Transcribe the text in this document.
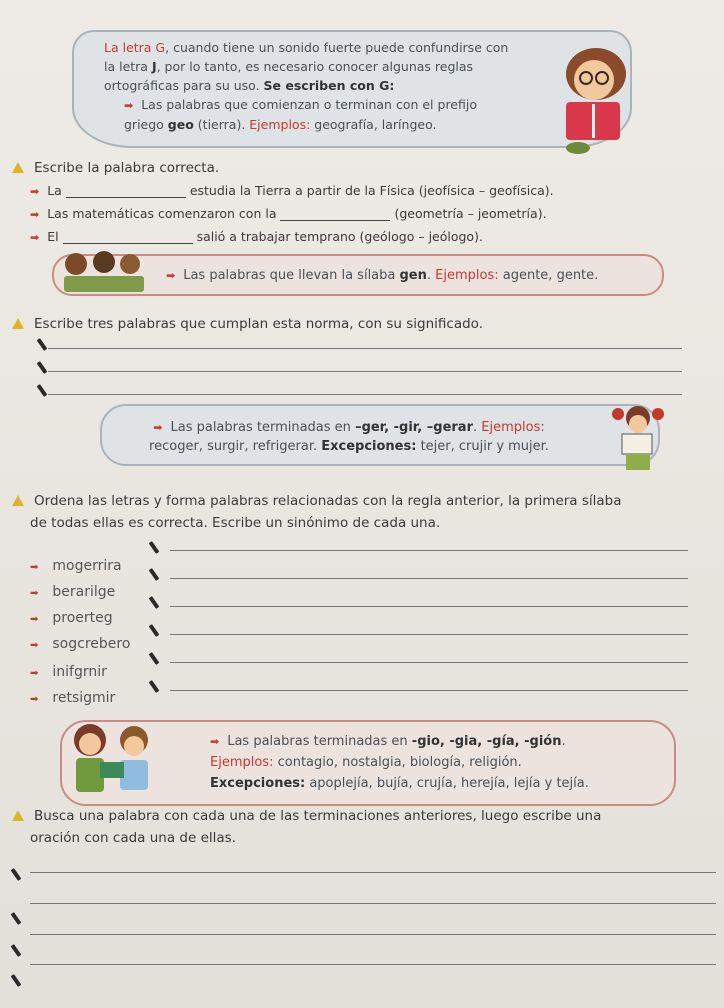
La letra G, cuando tiene un sonido fuerte puede confundirse con la letra J, por lo tanto, es necesario conocer algunas reglas ortográficas para su uso. Se escriben con G:
➡ Las palabras que comienzan o terminan con el prefijo griego geo (tierra). Ejemplos: geografía, laríngeo.
Escribe la palabra correcta.
➡ La	estudia la Tierra a partir de la Física (jeofísica – geofísica).
➡ Las matemáticas comenzaron con la	(geometría – jeometría).
➡ El	salió a trabajar temprano (geólogo – jeólogo).
➡ Las palabras que llevan la sílaba gen. Ejemplos: agente, gente.
Escribe tres palabras que cumplan esta norma, con su significado.
➡ Las palabras terminadas en –ger, -gir, –gerar. Ejemplos:
recoger, surgir, refrigerar. Excepciones: tejer, crujir y mujer.
Ordena las letras y forma palabras relacionadas con la regla anterior, la primera sílaba
de todas ellas es correcta. Escribe un sinónimo de cada una.
➡ mogerrira
➡ berarilge
➡ proerteg
➡ sogcrebero
➡ inifgrnir
➡ retsigmir
➡ Las palabras terminadas en -gio, -gia, -gía, -gión.
Ejemplos: contagio, nostalgia, biología, religión.
Excepciones: apoplejía, bujía, crujía, herejía, lejía y tejía.
Busca una palabra con cada una de las terminaciones anteriores, luego escribe una
oración con cada una de ellas.
